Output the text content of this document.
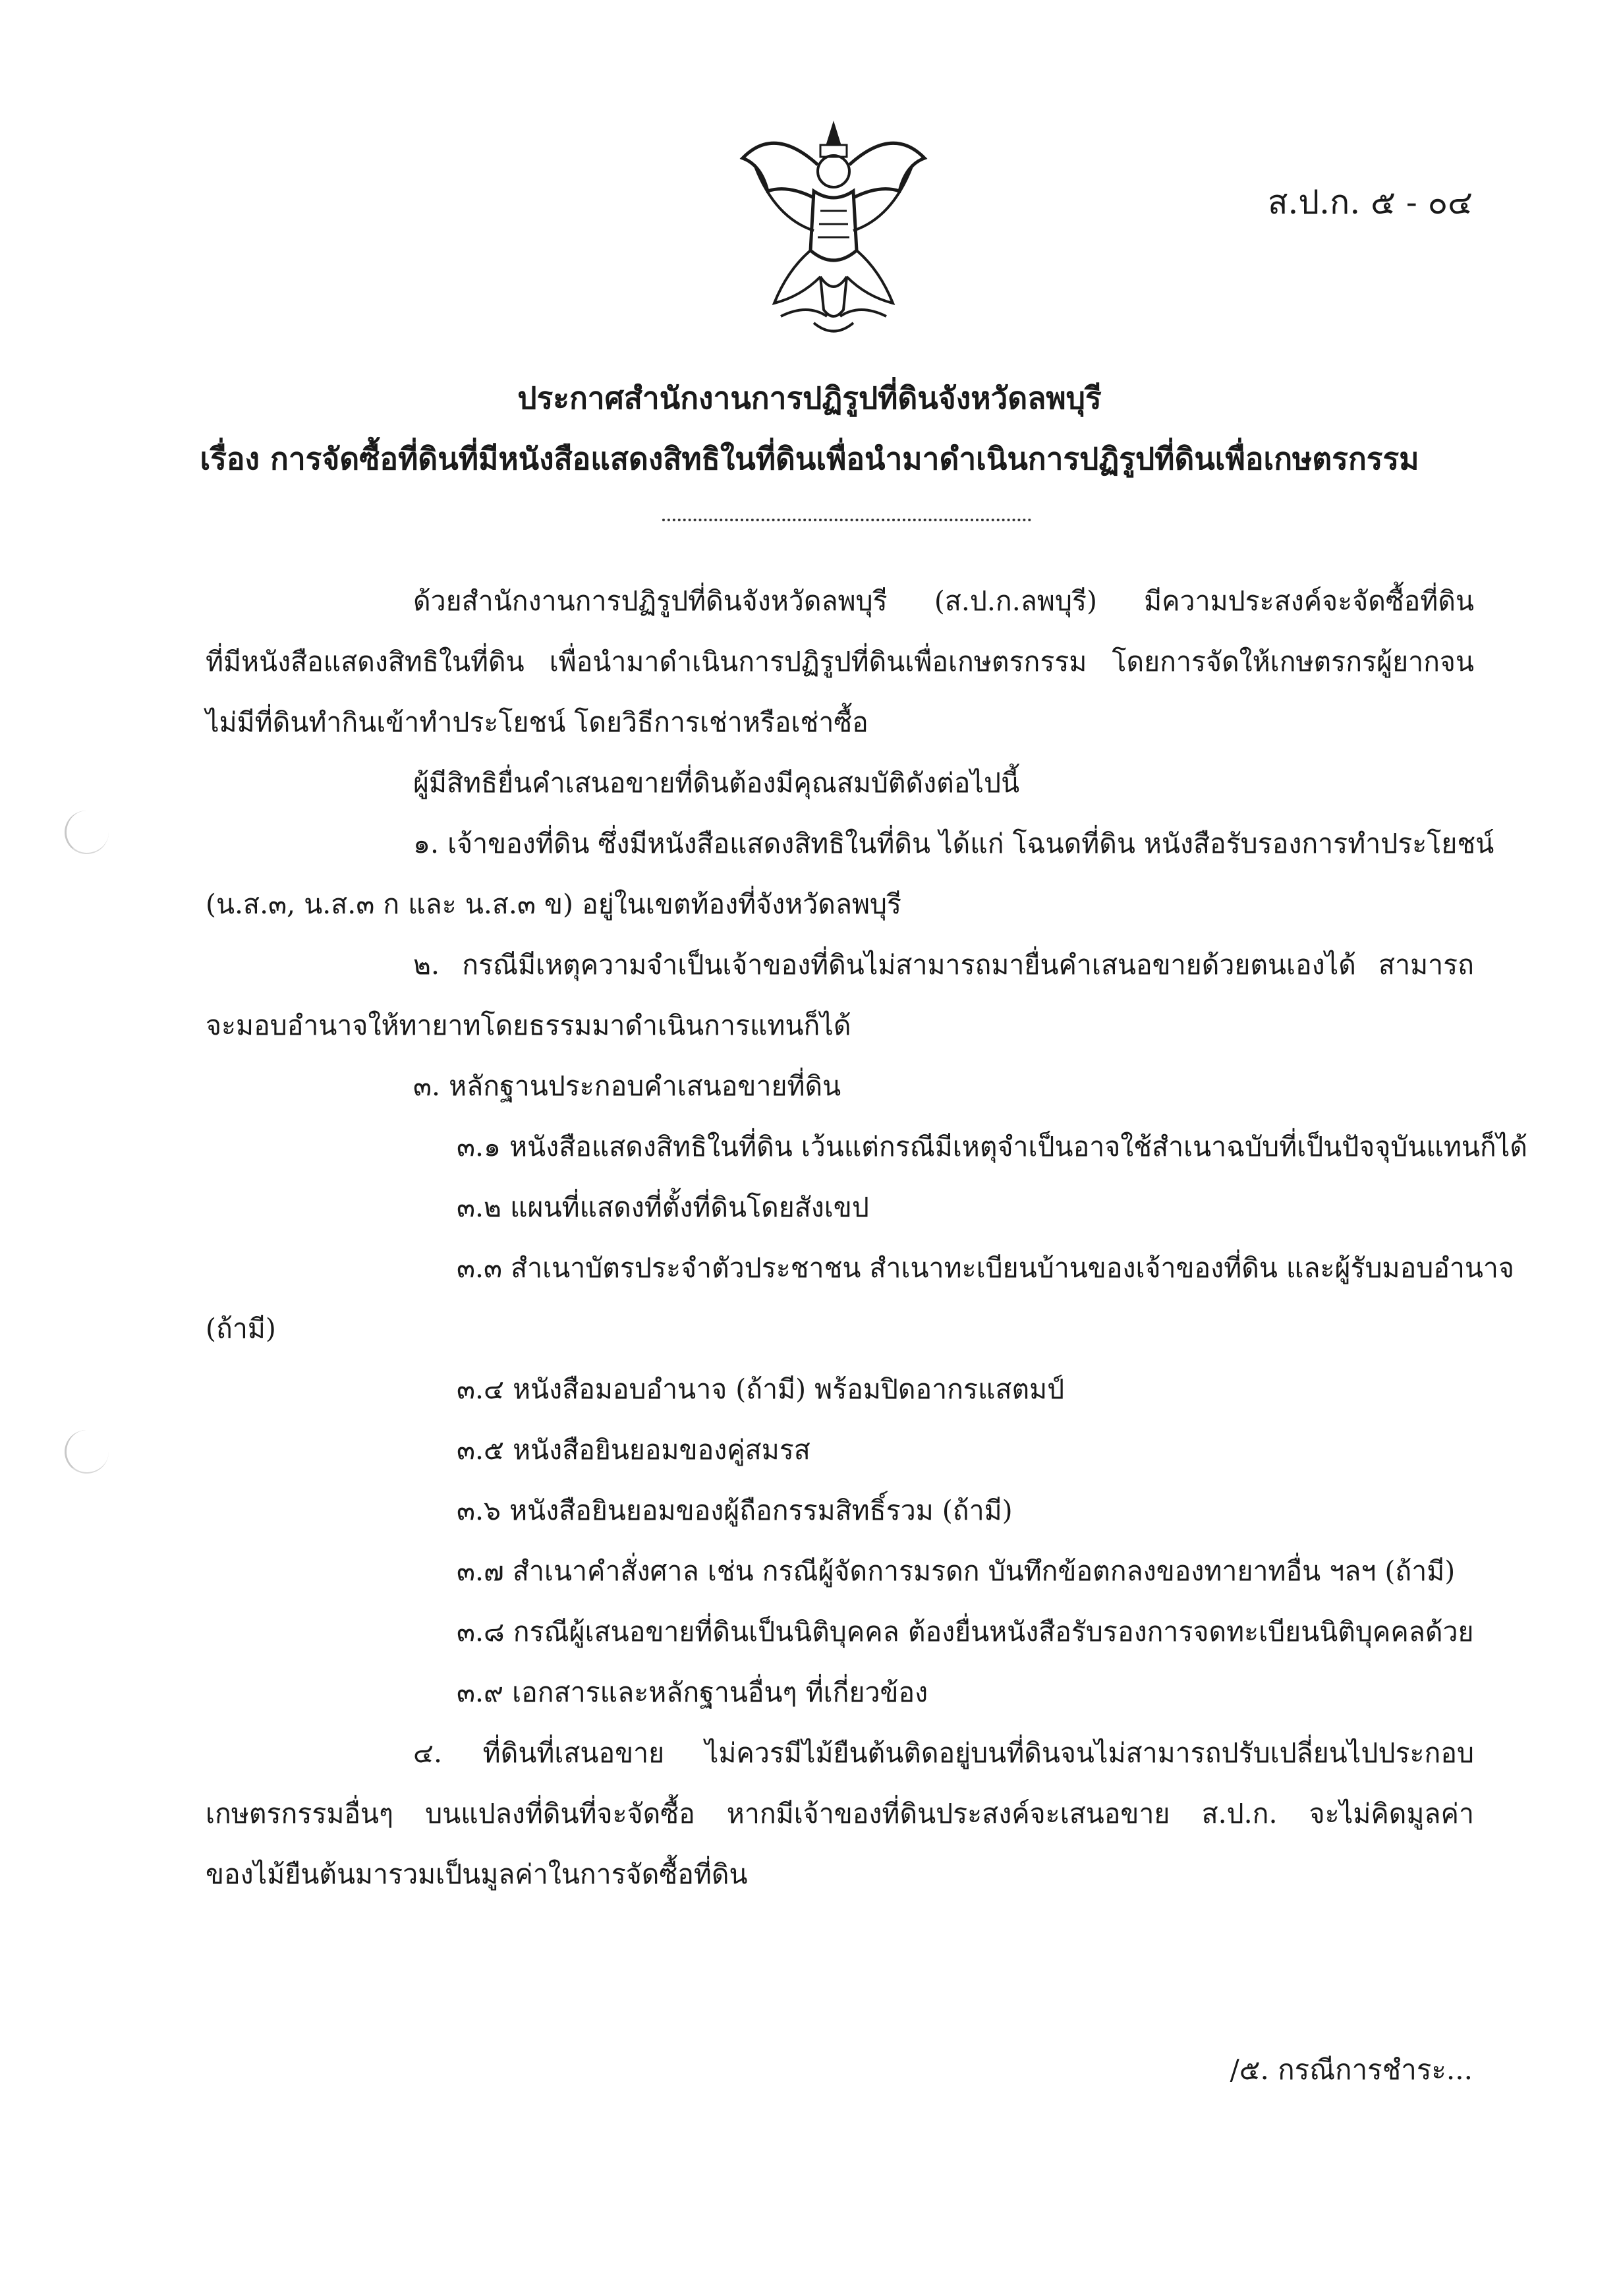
ส.ป.ก. ๕ - ๐๔
ประกาศสำนักงานการปฏิรูปที่ดินจังหวัดลพบุรี
เรื่อง การจัดซื้อที่ดินที่มีหนังสือแสดงสิทธิในที่ดินเพื่อนำมาดำเนินการปฏิรูปที่ดินเพื่อเกษตรกรรม
ด้วยสำนักงานการปฏิรูปที่ดินจังหวัดลพบุรี (ส.ป.ก.ลพบุรี) มีความประสงค์จะจัดซื้อที่ดิน
ที่มีหนังสือแสดงสิทธิในที่ดิน เพื่อนำมาดำเนินการปฏิรูปที่ดินเพื่อเกษตรกรรม โดยการจัดให้เกษตรกรผู้ยากจน
ไม่มีที่ดินทำกินเข้าทำประโยชน์ โดยวิธีการเช่าหรือเช่าซื้อ
ผู้มีสิทธิยื่นคำเสนอขายที่ดินต้องมีคุณสมบัติดังต่อไปนี้
๑. เจ้าของที่ดิน ซึ่งมีหนังสือแสดงสิทธิในที่ดิน ได้แก่ โฉนดที่ดิน หนังสือรับรองการทำประโยชน์
(น.ส.๓, น.ส.๓ ก และ น.ส.๓ ข) อยู่ในเขตท้องที่จังหวัดลพบุรี
๒. กรณีมีเหตุความจำเป็นเจ้าของที่ดินไม่สามารถมายื่นคำเสนอขายด้วยตนเองได้ สามารถ
จะมอบอำนาจให้ทายาทโดยธรรมมาดำเนินการแทนก็ได้
๓. หลักฐานประกอบคำเสนอขายที่ดิน
๓.๑ หนังสือแสดงสิทธิในที่ดิน เว้นแต่กรณีมีเหตุจำเป็นอาจใช้สำเนาฉบับที่เป็นปัจจุบันแทนก็ได้
๓.๒ แผนที่แสดงที่ตั้งที่ดินโดยสังเขป
๓.๓ สำเนาบัตรประจำตัวประชาชน สำเนาทะเบียนบ้านของเจ้าของที่ดิน และผู้รับมอบอำนาจ
(ถ้ามี)
๓.๔ หนังสือมอบอำนาจ (ถ้ามี) พร้อมปิดอากรแสตมป์
๓.๕ หนังสือยินยอมของคู่สมรส
๓.๖ หนังสือยินยอมของผู้ถือกรรมสิทธิ์รวม (ถ้ามี)
๓.๗ สำเนาคำสั่งศาล เช่น กรณีผู้จัดการมรดก บันทึกข้อตกลงของทายาทอื่น ฯลฯ (ถ้ามี)
๓.๘ กรณีผู้เสนอขายที่ดินเป็นนิติบุคคล ต้องยื่นหนังสือรับรองการจดทะเบียนนิติบุคคลด้วย
๓.๙ เอกสารและหลักฐานอื่นๆ ที่เกี่ยวข้อง
๔. ที่ดินที่เสนอขาย ไม่ควรมีไม้ยืนต้นติดอยู่บนที่ดินจนไม่สามารถปรับเปลี่ยนไปประกอบ
เกษตรกรรมอื่นๆ บนแปลงที่ดินที่จะจัดซื้อ หากมีเจ้าของที่ดินประสงค์จะเสนอขาย ส.ป.ก. จะไม่คิดมูลค่า
ของไม้ยืนต้นมารวมเป็นมูลค่าในการจัดซื้อที่ดิน
/๕. กรณีการชำระ...
